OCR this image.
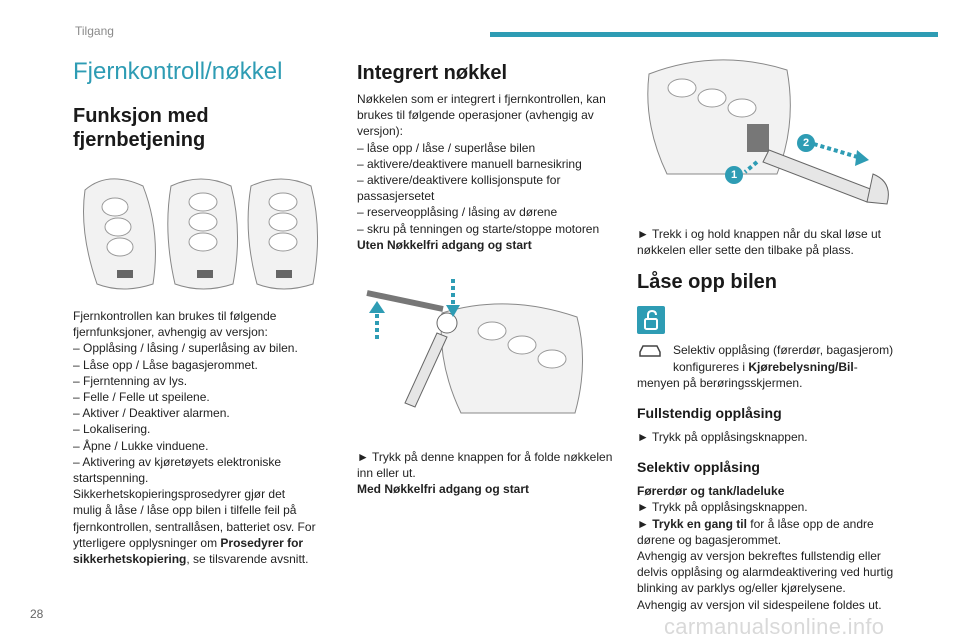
Tilgang
Fjernkontroll/nøkkel
Funksjon med
fjernbetjening
Fjernkontrollen kan brukes til følgende
fjernfunksjoner, avhengig av versjon:
– Opplåsing / låsing / superlåsing av bilen.
– Låse opp / Låse bagasjerommet.
– Fjerntenning av lys.
– Felle / Felle ut speilene.
– Aktiver / Deaktiver alarmen.
– Lokalisering.
– Åpne / Lukke vinduene.
– Aktivering av kjøretøyets elektroniske
startspenning.
Sikkerhetskopieringsprosedyrer gjør det
mulig å låse / låse opp bilen i tilfelle feil på
fjernkontrollen, sentrallåsen, batteriet osv. For
ytterligere opplysninger om Prosedyrer for
sikkerhetskopiering, se tilsvarende avsnitt.
Integrert nøkkel
Nøkkelen som er integrert i fjernkontrollen, kan
brukes til følgende operasjoner (avhengig av
versjon):
– låse opp / låse / superlåse bilen
– aktivere/deaktivere manuell barnesikring
– aktivere/deaktivere kollisjonspute for
passasjersetet
– reserveopplåsing / låsing av dørene
– skru på tenningen og starte/stoppe motoren
Uten Nøkkelfri adgang og start
► Trykk på denne knappen for å folde nøkkelen
inn eller ut.
Med Nøkkelfri adgang og start
1
2
► Trekk i og hold knappen når du skal løse ut
nøkkelen eller sette den tilbake på plass.
Låse opp bilen
Selektiv opplåsing (førerdør, bagasjerom)
konfigureres i Kjørebelysning/Bil-
menyen på berøringsskjermen.
Fullstendig opplåsing
► Trykk på opplåsingsknappen.
Selektiv opplåsing
Førerdør og tank/ladeluke
► Trykk på opplåsingsknappen.
► Trykk en gang til for å låse opp de andre
dørene og bagasjerommet.
Avhengig av versjon bekreftes fullstendig eller
delvis opplåsing og alarmdeaktivering ved hurtig
blinking av parklys og/eller kjørelysene.
Avhengig av versjon vil sidespeilene foldes ut.
28	carmanualsonline.info
